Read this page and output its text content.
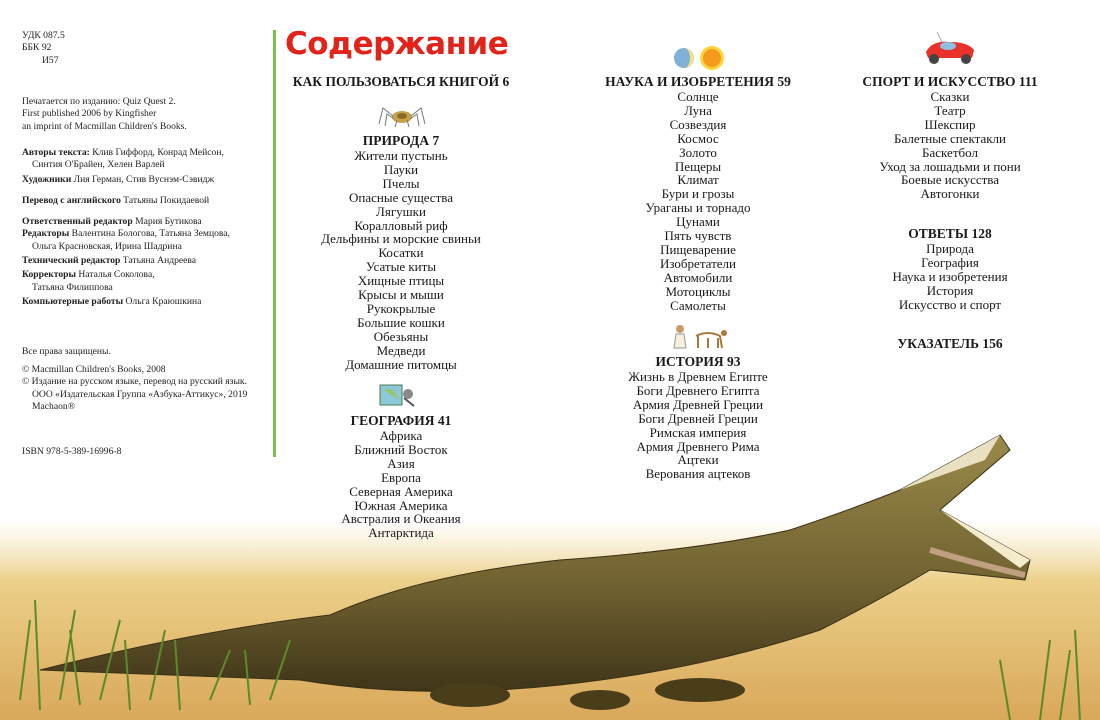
УДК 087.5
ББК 92
И57
Печатается по изданию: Quiz Quest 2.
First published 2006 by Kingfisher
an imprint of Macmillan Children's Books.
Авторы текста: Клив Гиффорд, Конрад Мейсон,
Синтия О'Брайен, Хелен Варлей
Художники Лия Герман, Стив Вуснэм-Сэвидж
Перевод с английского Татьяны Покидаевой
Ответственный редактор Мария Бутикова
Редакторы Валентина Бологова, Татьяна Земцова,
Ольга Красновская, Ирина Шадрина
Технический редактор Татьяна Андреева
Корректоры Наталья Соколова,
Татьяна Филиппова
Компьютерные работы Ольга Краюшкина
Все права защищены.
© Macmillan Children's Books, 2008
© Издание на русском языке, перевод на русский язык.
ООО «Издательская Группа «Азбука-Аттикус», 2019
Machaon®
ISBN 978-5-389-16996-8
Содержание
КАК ПОЛЬЗОВАТЬСЯ КНИГОЙ 6
ПРИРОДА 7
Жители пустынь
Пауки
Пчелы
Опасные существа
Лягушки
Коралловый риф
Дельфины и морские свиньи
Косатки
Усатые киты
Хищные птицы
Крысы и мыши
Рукокрылые
Большие кошки
Обезьяны
Медведи
Домашние питомцы
ГЕОГРАФИЯ 41
Африка
Ближний Восток
Азия
Европа
Северная Америка
Южная Америка
Австралия и Океания
Антарктида
НАУКА И ИЗОБРЕТЕНИЯ 59
Солнце
Луна
Созвездия
Космос
Золото
Пещеры
Климат
Бури и грозы
Ураганы и торнадо
Цунами
Пять чувств
Пищеварение
Изобретатели
Автомобили
Мотоциклы
Самолеты
ИСТОРИЯ 93
Жизнь в Древнем Египте
Боги Древнего Египта
Армия Древней Греции
Боги Древней Греции
Римская империя
Армия Древнего Рима
Ацтеки
Верования ацтеков
СПОРТ И ИСКУССТВО 111
Сказки
Театр
Шекспир
Балетные спектакли
Баскетбол
Уход за лошадьми и пони
Боевые искусства
Автогонки
ОТВЕТЫ 128
Природа
География
Наука и изобретения
История
Искусство и спорт
УКАЗАТЕЛЬ 156
